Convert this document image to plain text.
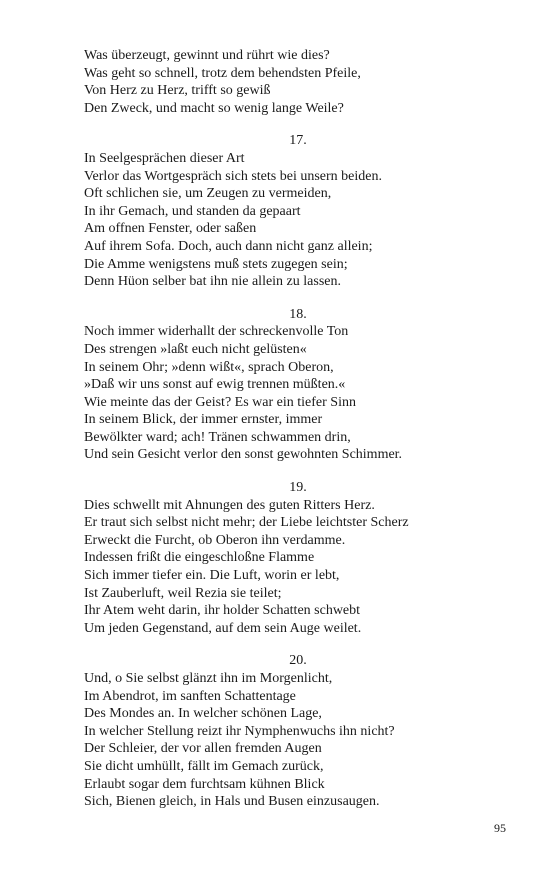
Was überzeugt, gewinnt und rührt wie dies?
Was geht so schnell, trotz dem behendsten Pfeile,
Von Herz zu Herz, trifft so gewiß
Den Zweck, und macht so wenig lange Weile?
17.
In Seelgesprächen dieser Art
Verlor das Wortgespräch sich stets bei unsern beiden.
Oft schlichen sie, um Zeugen zu vermeiden,
In ihr Gemach, und standen da gepaart
Am offnen Fenster, oder saßen
Auf ihrem Sofa. Doch, auch dann nicht ganz allein;
Die Amme wenigstens muß stets zugegen sein;
Denn Hüon selber bat ihn nie allein zu lassen.
18.
Noch immer widerhallt der schreckenvolle Ton
Des strengen »laßt euch nicht gelüsten«
In seinem Ohr; »denn wißt«, sprach Oberon,
»Daß wir uns sonst auf ewig trennen müßten.«
Wie meinte das der Geist? Es war ein tiefer Sinn
In seinem Blick, der immer ernster, immer
Bewölkter ward; ach! Tränen schwammen drin,
Und sein Gesicht verlor den sonst gewohnten Schimmer.
19.
Dies schwellt mit Ahnungen des guten Ritters Herz.
Er traut sich selbst nicht mehr; der Liebe leichtster Scherz
Erweckt die Furcht, ob Oberon ihn verdamme.
Indessen frißt die eingeschloßne Flamme
Sich immer tiefer ein. Die Luft, worin er lebt,
Ist Zauberluft, weil Rezia sie teilet;
Ihr Atem weht darin, ihr holder Schatten schwebt
Um jeden Gegenstand, auf dem sein Auge weilet.
20.
Und, o Sie selbst glänzt ihn im Morgenlicht,
Im Abendrot, im sanften Schattentage
Des Mondes an. In welcher schönen Lage,
In welcher Stellung reizt ihr Nymphenwuchs ihn nicht?
Der Schleier, der vor allen fremden Augen
Sie dicht umhüllt, fällt im Gemach zurück,
Erlaubt sogar dem furchtsam kühnen Blick
Sich, Bienen gleich, in Hals und Busen einzusaugen.
95
